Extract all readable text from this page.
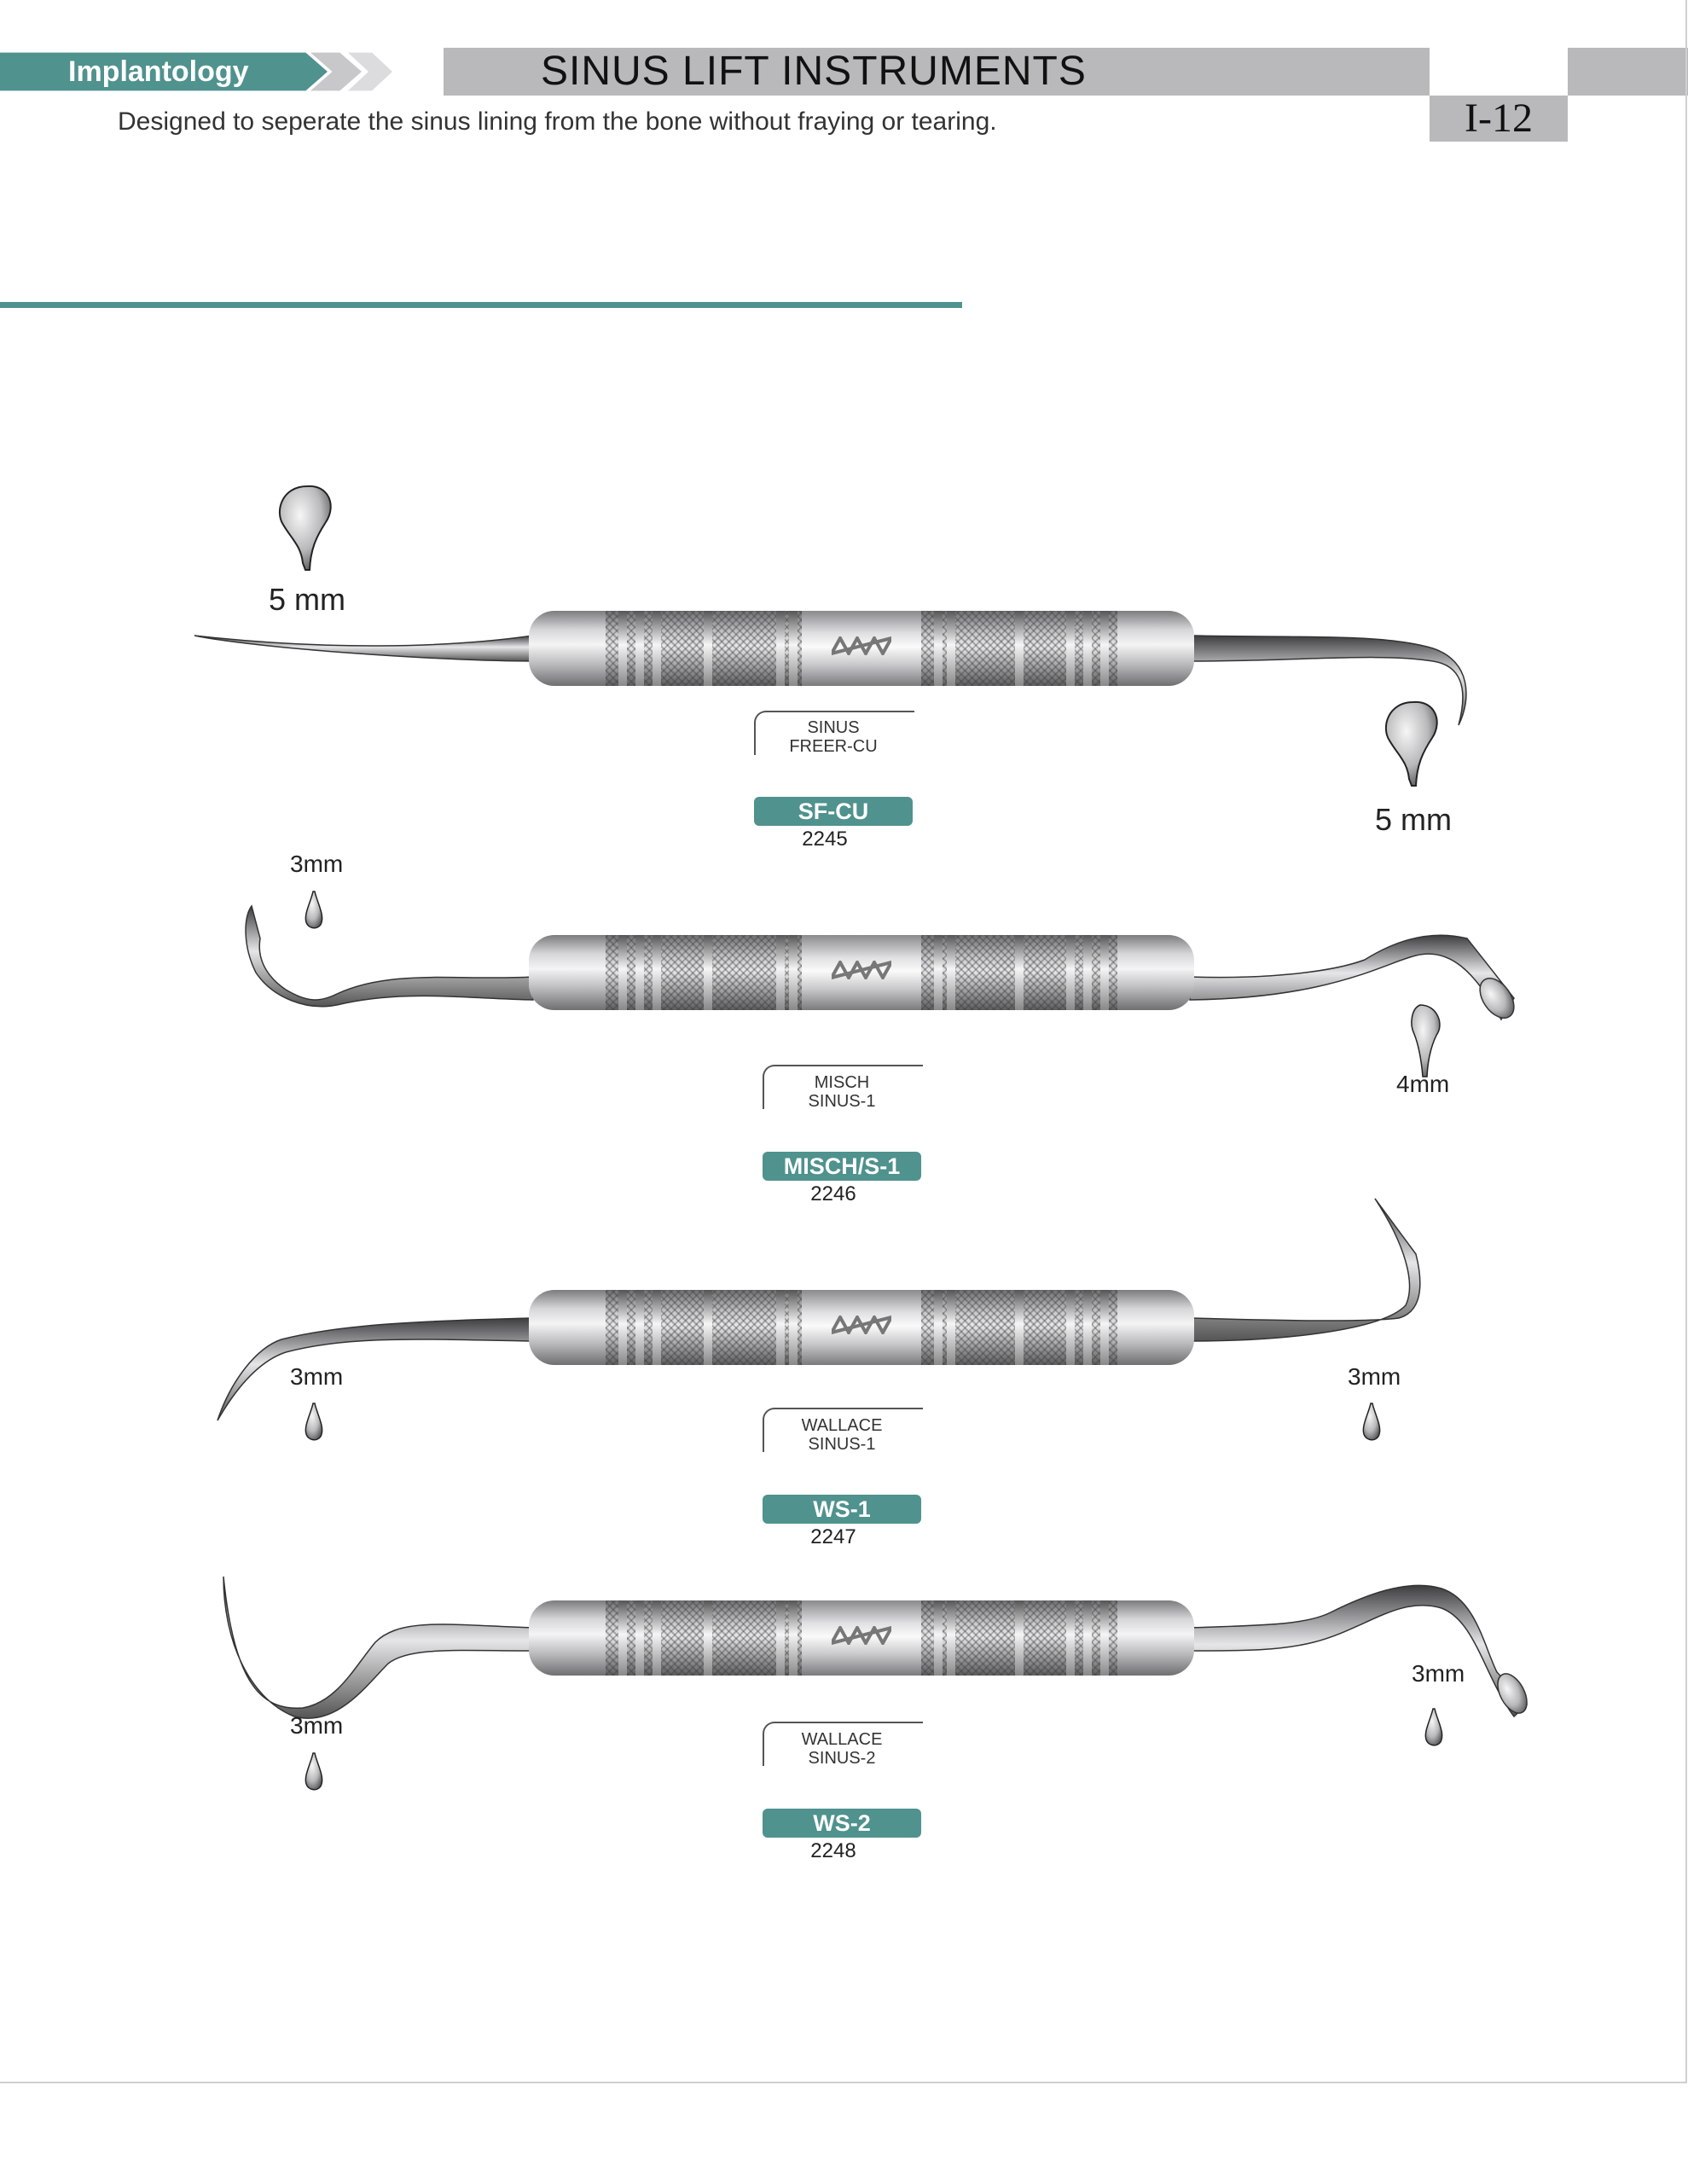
Implantology	SINUS LIFT INSTRUMENTS
I-12
Designed to seperate the sinus lining from the bone without fraying or tearing.
5 mm
5 mm
SINUS
FREER-CU
SF-CU
2245
3mm
4mm
MISCH
SINUS-1
MISCH/S-1
2246
3mm	3mm
WALLACE
SINUS-1
WS-1
2247
3mm
3mm
WALLACE
SINUS-2
WS-2
2248
